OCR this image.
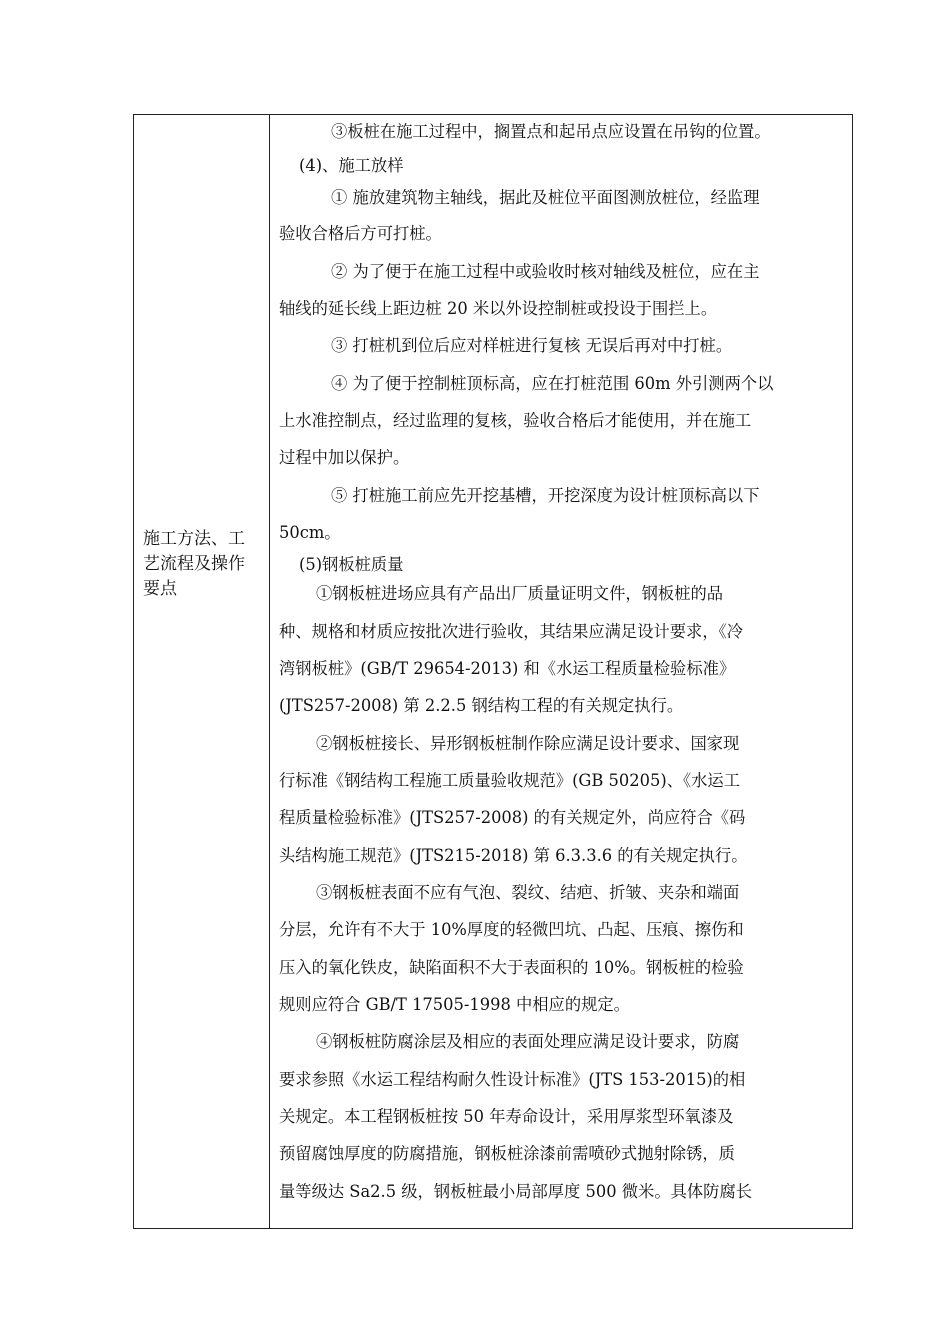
施工方法、工
艺流程及操作
要点
③板桩在施工过程中，搁置点和起吊点应设置在吊钩的位置。
(4)、施工放样
① 施放建筑物主轴线，据此及桩位平面图测放桩位，经监理
验收合格后方可打桩。
② 为了便于在施工过程中或验收时核对轴线及桩位，应在主
轴线的延长线上距边桩 20 米以外设控制桩或投设于围拦上。
③ 打桩机到位后应对样桩进行复核 无误后再对中打桩。
④ 为了便于控制桩顶标高，应在打桩范围 60m 外引测两个以
上水准控制点，经过监理的复核，验收合格后才能使用，并在施工
过程中加以保护。
⑤ 打桩施工前应先开挖基槽，开挖深度为设计桩顶标高以下
50cm。
(5)钢板桩质量
①钢板桩进场应具有产品出厂质量证明文件，钢板桩的品
种、规格和材质应按批次进行验收，其结果应满足设计要求，《冷
湾钢板桩》(GB/T 29654-2013) 和《水运工程质量检验标准》
(JTS257-2008) 第 2.2.5 钢结构工程的有关规定执行。
②钢板桩接长、异形钢板桩制作除应满足设计要求、国家现
行标准《钢结构工程施工质量验收规范》(GB 50205)、《水运工
程质量检验标准》(JTS257-2008) 的有关规定外，尚应符合《码
头结构施工规范》(JTS215-2018) 第 6.3.3.6 的有关规定执行。
③钢板桩表面不应有气泡、裂纹、结疤、折皱、夹杂和端面
分层，允许有不大于 10%厚度的轻微凹坑、凸起、压痕、擦伤和
压入的氧化铁皮，缺陷面积不大于表面积的 10%。钢板桩的检验
规则应符合 GB/T 17505-1998 中相应的规定。
④钢板桩防腐涂层及相应的表面处理应满足设计要求，防腐
要求参照《水运工程结构耐久性设计标准》(JTS 153-2015)的相
关规定。本工程钢板桩按 50 年寿命设计，采用厚浆型环氧漆及
预留腐蚀厚度的防腐措施，钢板桩涂漆前需喷砂式抛射除锈，质
量等级达 Sa2.5 级，钢板桩最小局部厚度 500 微米。具体防腐长
